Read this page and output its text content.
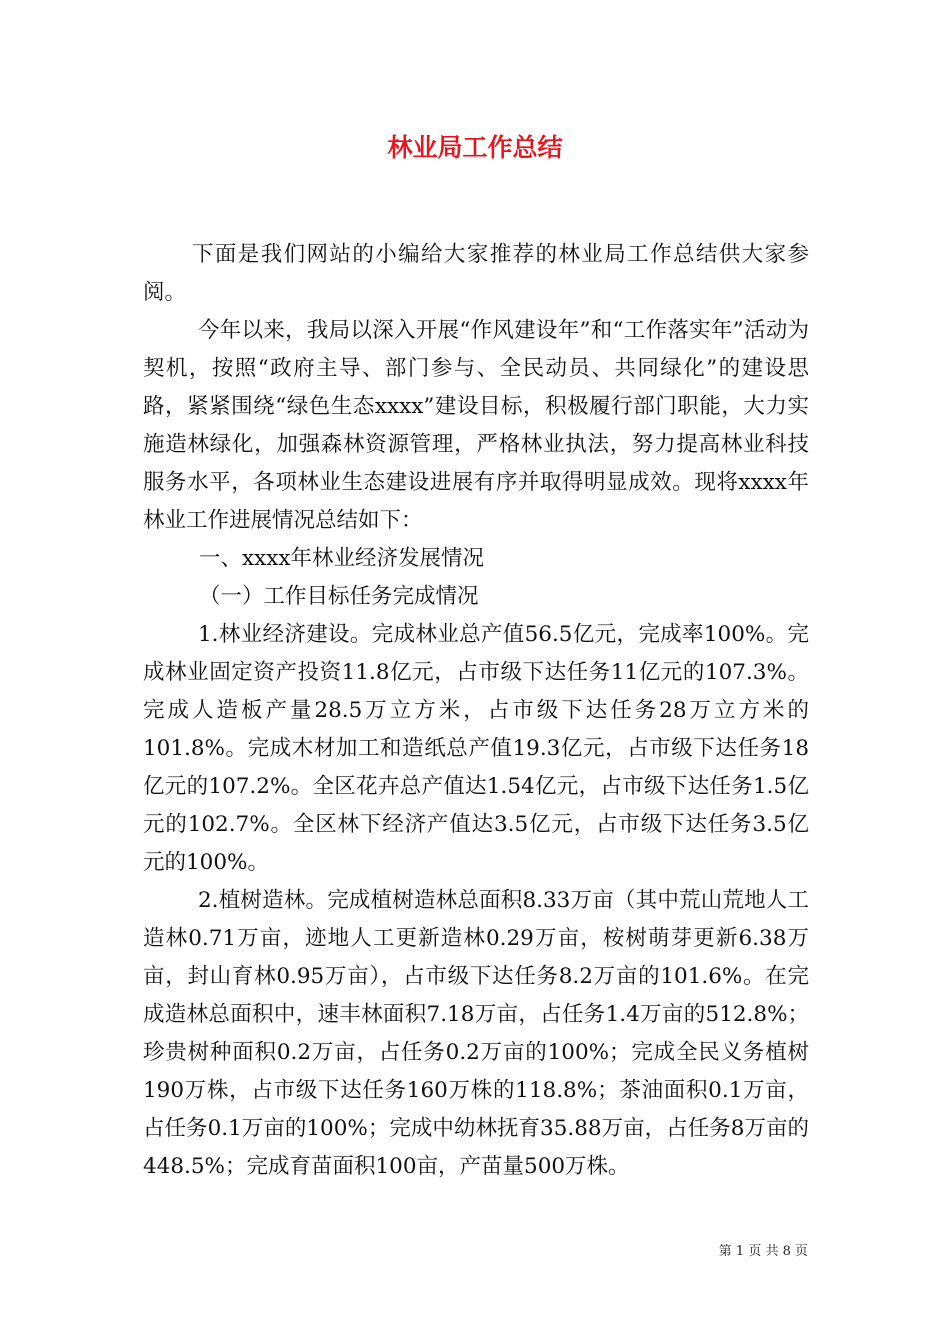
林业局工作总结

下面是我们网站的小编给大家推荐的林业局工作总结供大家参阅。

今年以来，我局以深入开展“作风建设年”和“工作落实年”活动为契机，按照“政府主导、部门参与、全民动员、共同绿化”的建设思路，紧紧围绕“绿色生态xxxx”建设目标，积极履行部门职能，大力实施造林绿化，加强森林资源管理，严格林业执法，努力提高林业科技服务水平，各项林业生态建设进展有序并取得明显成效。现将xxxx年林业工作进展情况总结如下：

一、xxxx年林业经济发展情况

（一）工作目标任务完成情况

1.林业经济建设。完成林业总产值56.5亿元，完成率100%。完成林业固定资产投资11.8亿元，占市级下达任务11亿元的107.3%。完成人造板产量28.5万立方米，占市级下达任务28万立方米的101.8%。完成木材加工和造纸总产值19.3亿元，占市级下达任务18亿元的107.2%。全区花卉总产值达1.54亿元，占市级下达任务1.5亿元的102.7%。全区林下经济产值达3.5亿元，占市级下达任务3.5亿元的100%。

2.植树造林。完成植树造林总面积8.33万亩（其中荒山荒地人工造林0.71万亩，迹地人工更新造林0.29万亩，桉树萌芽更新6.38万亩，封山育林0.95万亩），占市级下达任务8.2万亩的101.6%。在完成造林总面积中，速丰林面积7.18万亩，占任务1.4万亩的512.8%；珍贵树种面积0.2万亩，占任务0.2万亩的100%；完成全民义务植树190万株，占市级下达任务160万株的118.8%；茶油面积0.1万亩，占任务0.1万亩的100%；完成中幼林抚育35.88万亩，占任务8万亩的448.5%；完成育苗面积100亩，产苗量500万株。

第 1 页 共 8 页
